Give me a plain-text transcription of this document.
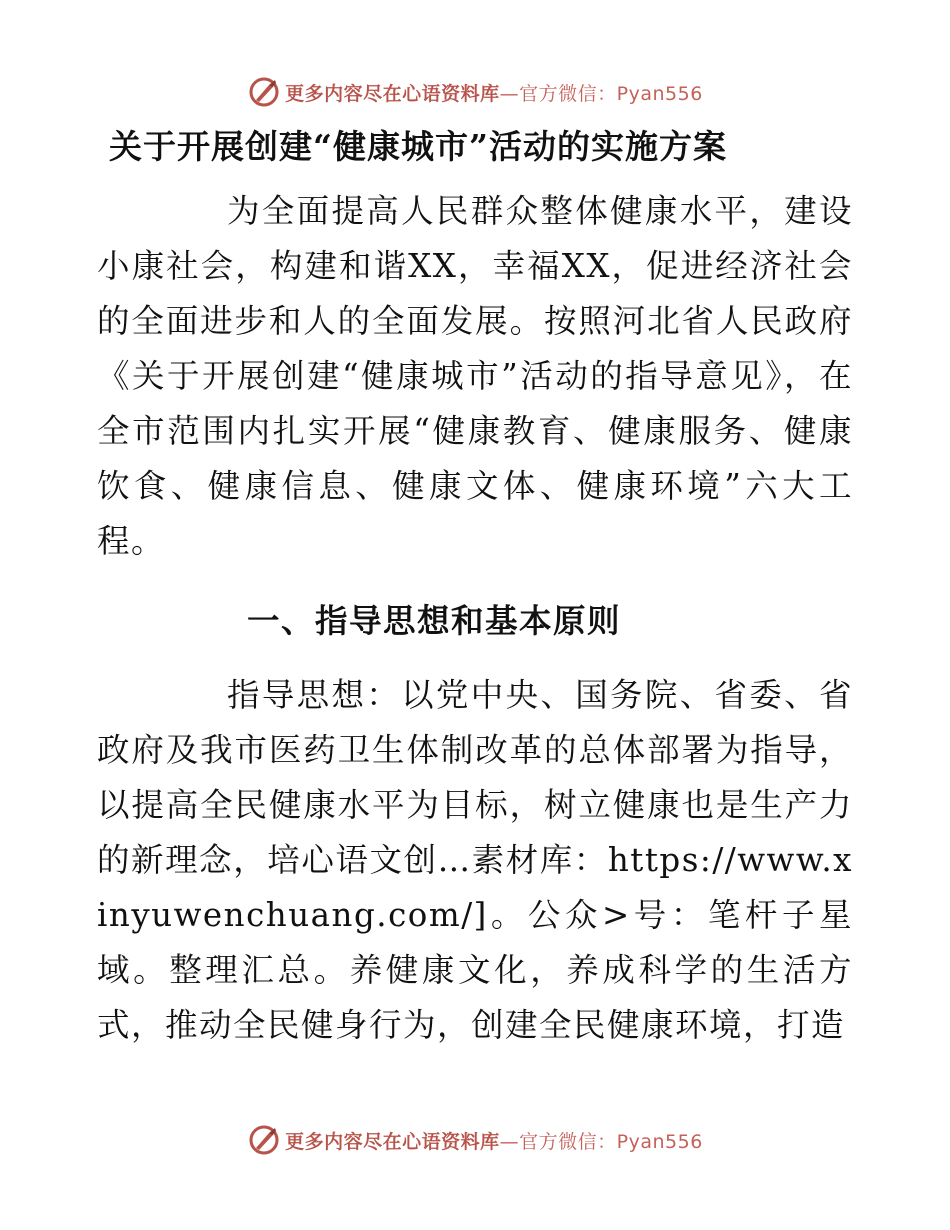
更多内容尽在心语资料库—官方微信：Pyan556
关于开展创建“健康城市”活动的实施方案

为全面提高人民群众整体健康水平，建设小康社会，构建和谐XX，幸福XX，促进经济社会的全面进步和人的全面发展。按照河北省人民政府《关于开展创建“健康城市”活动的指导意见》，在全市范围内扎实开展“健康教育、健康服务、健康饮食、健康信息、健康文体、健康环境”六大工程。

一、指导思想和基本原则

指导思想：以党中央、国务院、省委、省政府及我市医药卫生体制改革的总体部署为指导，以提高全民健康水平为目标，树立健康也是生产力的新理念，培心语文创…素材库：https://www.xinyuwenchuang.com/]。公众>号：笔杆子星域。整理汇总。养健康文化，养成科学的生活方式，推动全民健身行为，创建全民健康环境，打造

更多内容尽在心语资料库—官方微信：Pyan556
